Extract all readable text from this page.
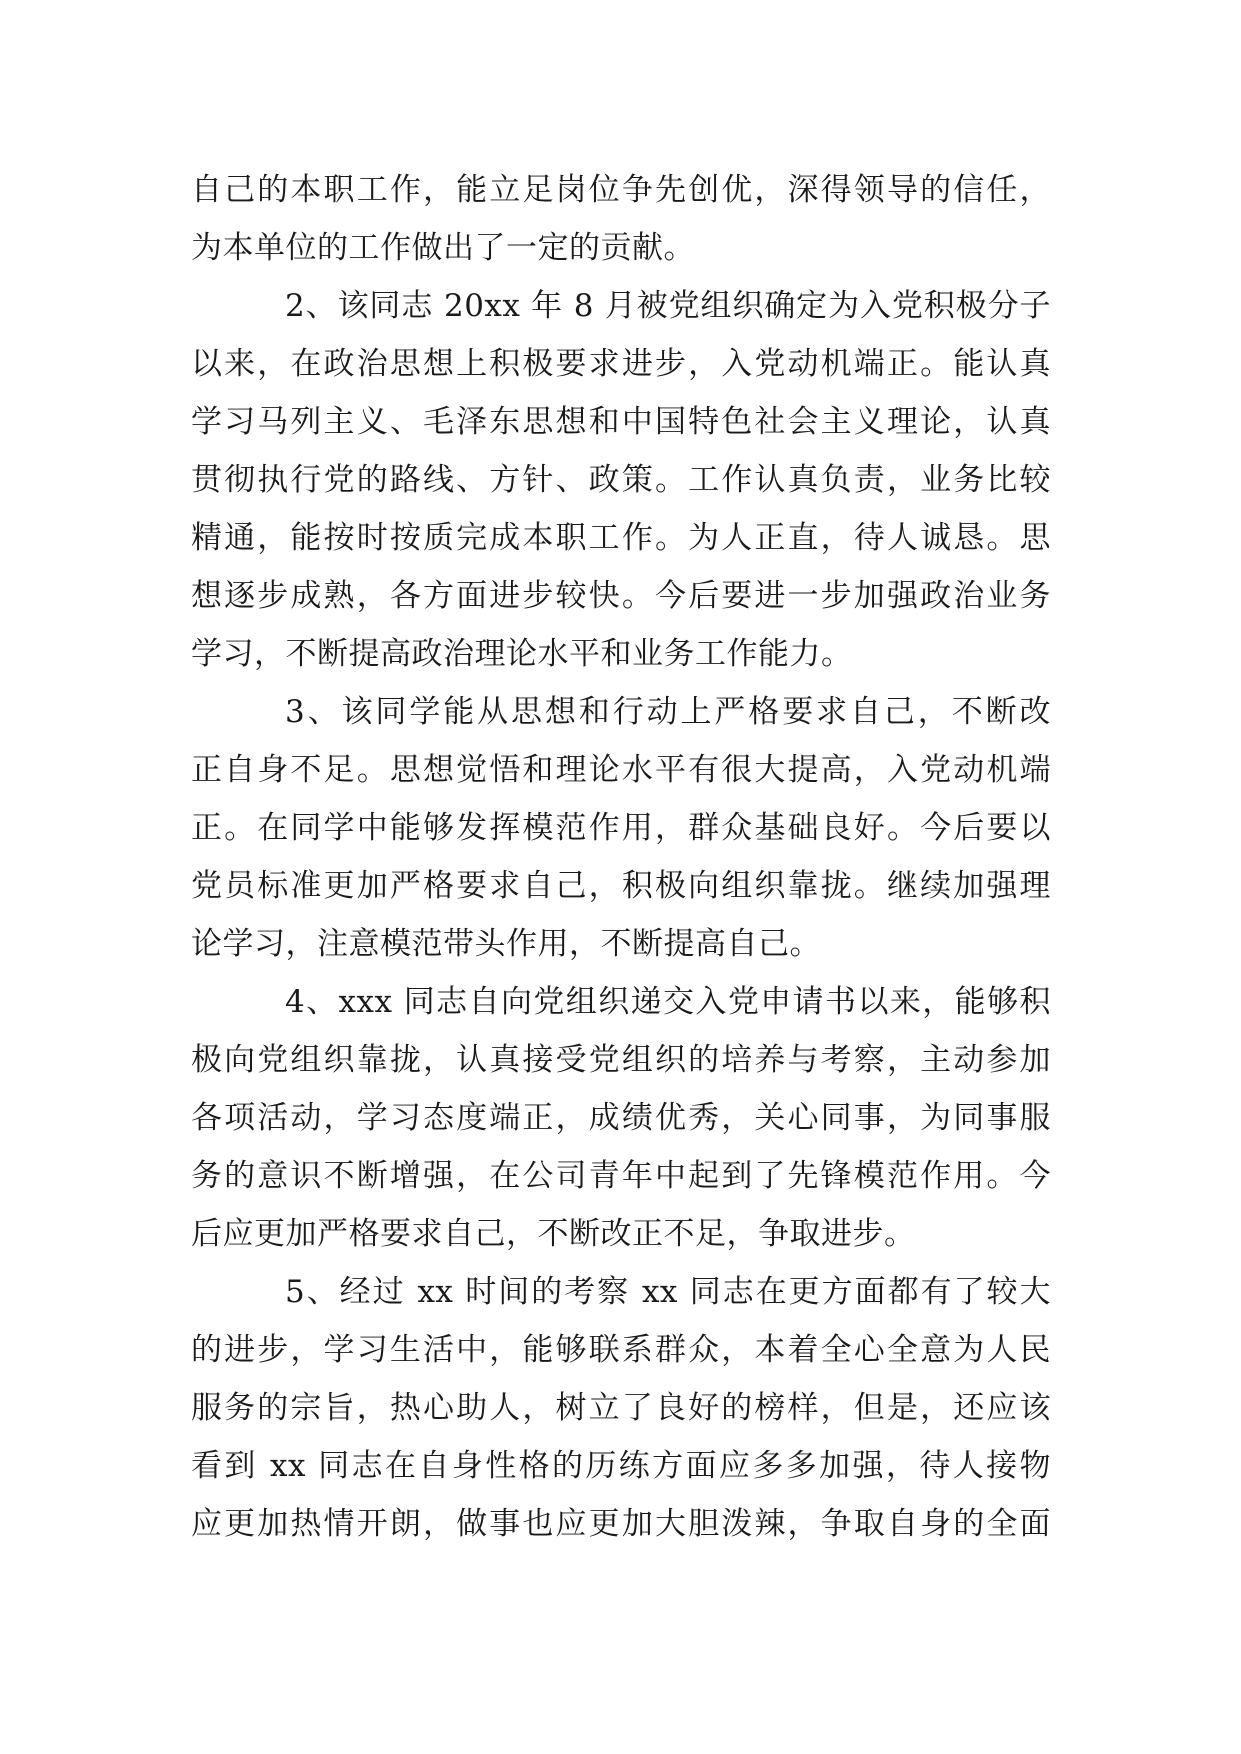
自己的本职工作，能立足岗位争先创优，深得领导的信任，
为本单位的工作做出了一定的贡献。
2、该同志 20xx 年 8 月被党组织确定为入党积极分子
以来，在政治思想上积极要求进步，入党动机端正。能认真
学习马列主义、毛泽东思想和中国特色社会主义理论，认真
贯彻执行党的路线、方针、政策。工作认真负责，业务比较
精通，能按时按质完成本职工作。为人正直，待人诚恳。思
想逐步成熟，各方面进步较快。今后要进一步加强政治业务
学习，不断提高政治理论水平和业务工作能力。
3、该同学能从思想和行动上严格要求自己，不断改
正自身不足。思想觉悟和理论水平有很大提高，入党动机端
正。在同学中能够发挥模范作用，群众基础良好。今后要以
党员标准更加严格要求自己，积极向组织靠拢。继续加强理
论学习，注意模范带头作用，不断提高自己。
4、xxx 同志自向党组织递交入党申请书以来，能够积
极向党组织靠拢，认真接受党组织的培养与考察，主动参加
各项活动，学习态度端正，成绩优秀，关心同事，为同事服
务的意识不断增强，在公司青年中起到了先锋模范作用。今
后应更加严格要求自己，不断改正不足，争取进步。
5、经过 xx 时间的考察 xx 同志在更方面都有了较大
的进步，学习生活中，能够联系群众，本着全心全意为人民
服务的宗旨，热心助人，树立了良好的榜样，但是，还应该
看到 xx 同志在自身性格的历练方面应多多加强，待人接物
应更加热情开朗，做事也应更加大胆泼辣，争取自身的全面
